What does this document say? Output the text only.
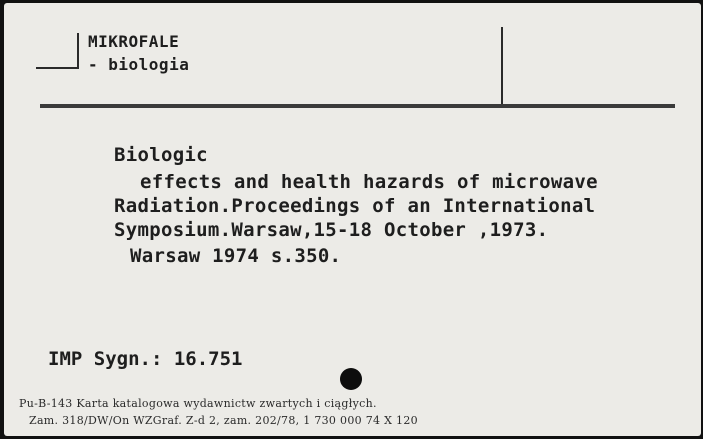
MIKROFALE
- biologia
Biologic
effects and health hazards of microwave
Radiation.Proceedings of an International
Symposium.Warsaw,15-18 October ,1973.
Warsaw 1974 s.350.
IMP Sygn.: 16.751
Pu-B-143 Karta katalogowa wydawnictw zwartych i ciągłych.
Zam. 318/DW/On WZGraf. Z-d 2, zam. 202/78, 1 730 000 74 X 120
